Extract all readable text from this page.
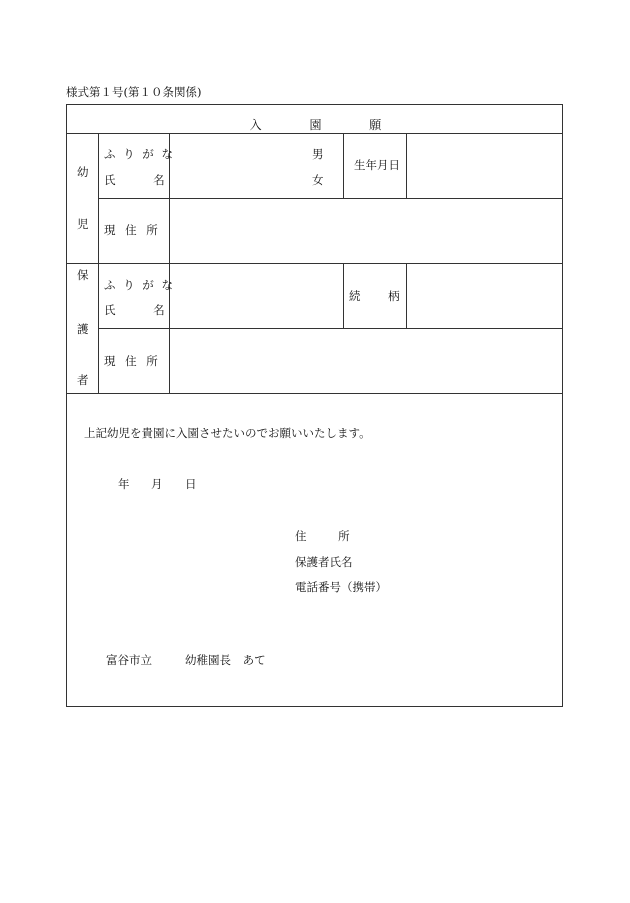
様式第１号(第１０条関係)
入 園 願
幼
児
ふ り が な
氏 名
男
女
生年月日
現 住 所
保
護
者
ふ り が な
氏 名
続 柄
現 住 所
上記幼児を貴園に入園させたいのでお願いいたします。
年 月 日
住 所
保護者氏名
電話番号（携帯）
富谷市立	幼稚園長 あて
